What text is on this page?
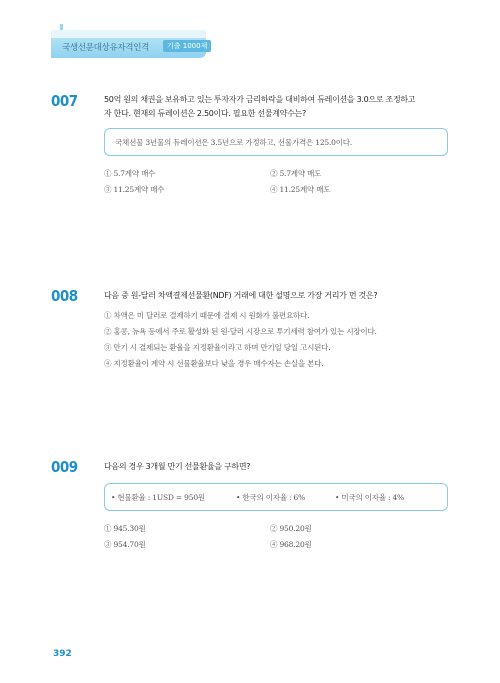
국생선문대상유자격인격	기출 1000제
007	50억 원의 채권을 보유하고 있는 투자자가 금리하락을 대비하여 듀레이션을 3.0으로 조정하고
자 한다. 현재의 듀레이션은 2.50이다. 필요한 선물계약수는?
국채선물 3년물의 듀레이션은 3.5년으로 가정하고, 선물가격은 125.0이다.
① 5.7계약 매수	② 5.7계약 매도
③ 11.25계약 매수	④ 11.25계약 매도
008	다음 중 원-달러 차액결제선물환(NDF) 거래에 대한 설명으로 가장 거리가 먼 것은?
① 차액은 미 달러로 결제하기 때문에 결제 시 원화가 불편요하다.
② 홍콩, 뉴욕 등에서 주로 활성화 된 원-달러 시장으로 투기세력 참여가 있는 시장이다.
③ 만기 시 결제되는 환율을 지정환율이라고 하며 만기일 당일 고시된다.
④ 지정환율이 계약 시 선물환율보다 낮을 경우 매수자는 손실을 본다.
009	다음의 경우 3개월 만기 선물환율을 구하면?
• 현물환율 : 1USD = 950원	• 한국의 이자율 : 6%	• 미국의 이자율 : 4%
① 945.30원	② 950.20원
③ 954.70원	④ 968.20원
392
